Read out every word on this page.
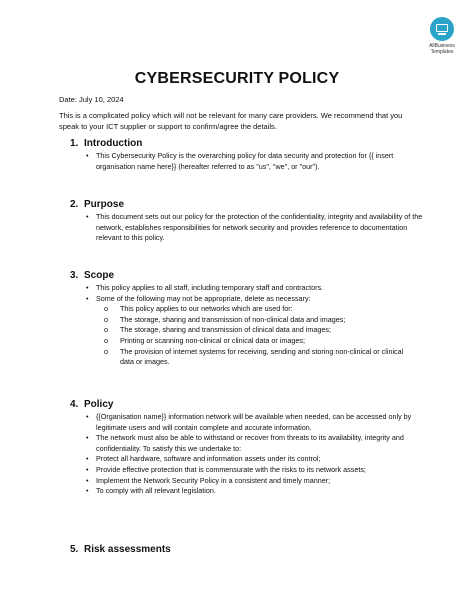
AllBusiness
Templates
CYBERSECURITY POLICY
Date: July 10, 2024
This is a complicated policy which will not be relevant for many care providers. We recommend that you speak to your ICT supplier or support to confirm/agree the details.
1. Introduction
• This Cybersecurity Policy is the overarching policy for data security and protection for {{ insert organisation name here}} (hereafter referred to as "us", "we", or "our").
2. Purpose
• This document sets out our policy for the protection of the confidentiality, integrity and availability of the network, establishes responsibilities for network security and provides reference to documentation relevant to this policy.
3. Scope
• This policy applies to all staff, including temporary staff and contractors.
• Some of the following may not be appropriate, delete as necessary:
o This policy applies to our networks which are used for:
o The storage, sharing and transmission of non-clinical data and images;
o The storage, sharing and transmission of clinical data and images;
o Printing or scanning non-clinical or clinical data or images;
o The provision of internet systems for receiving, sending and storing non-clinical or clinical data or images.
4. Policy
• {{Organisation name}} information network will be available when needed, can be accessed only by legitimate users and will contain complete and accurate information.
• The network must also be able to withstand or recover from threats to its availability, integrity and confidentiality. To satisfy this we undertake to:
• Protect all hardware, software and information assets under its control;
• Provide effective protection that is commensurate with the risks to its network assets;
• Implement the Network Security Policy in a consistent and timely manner;
• To comply with all relevant legislation.
5. Risk assessments
